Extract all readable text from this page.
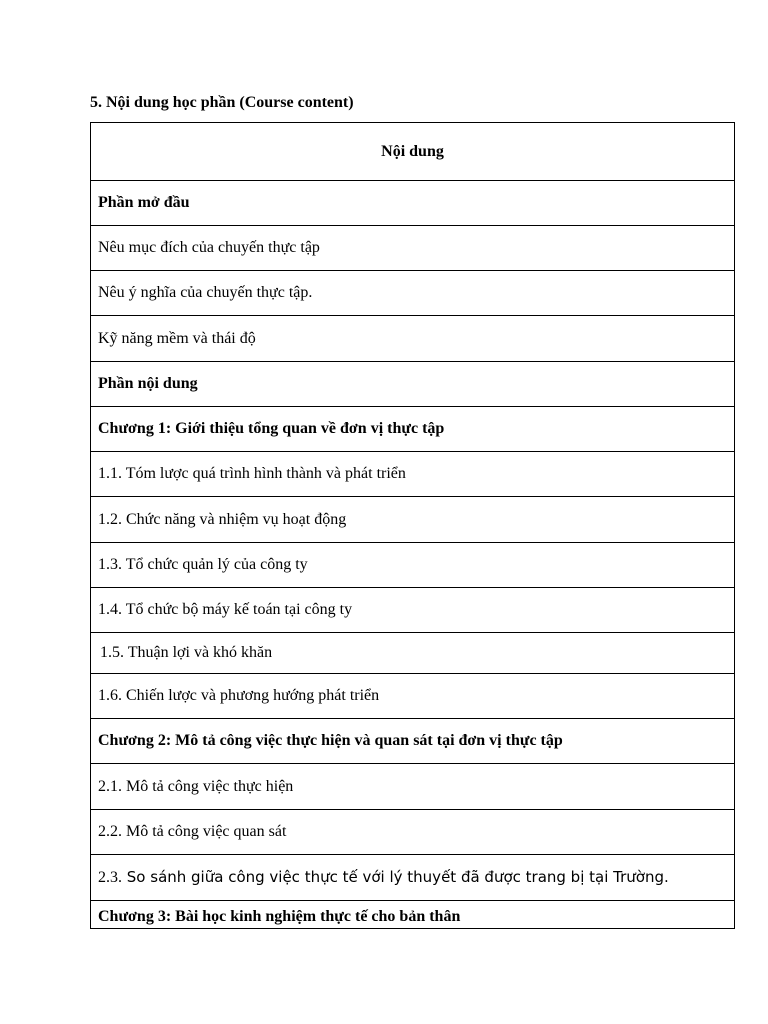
5. Nội dung học phần (Course content)
Nội dung
Phần mở đầu
Nêu mục đích của chuyến thực tập
Nêu ý nghĩa của chuyến thực tập.
Kỹ năng mềm và thái độ
Phần nội dung
Chương 1: Giới thiệu tổng quan về đơn vị thực tập
1.1. Tóm lược quá trình hình thành và phát triển
1.2. Chức năng và nhiệm vụ hoạt động
1.3. Tổ chức quản lý của công ty
1.4. Tổ chức bộ máy kế toán tại công ty
1.5. Thuận lợi và khó khăn
1.6. Chiến lược và phương hướng phát triển
Chương 2: Mô tả công việc thực hiện và quan sát tại đơn vị thực tập
2.1. Mô tả công việc thực hiện
2.2. Mô tả công việc quan sát
2.3. So sánh giữa công việc thực tế với lý thuyết đã được trang bị tại Trường.
Chương 3: Bài học kinh nghiệm thực tế cho bản thân
